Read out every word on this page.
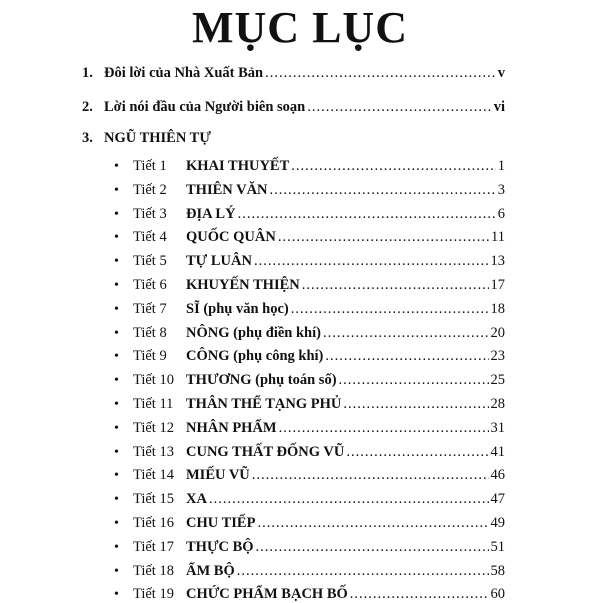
MỤC LỤC
1. Đôi lời của Nhà Xuất Bản .....	v
2. Lời nói đầu của Người biên soạn .....	vi
3. NGŨ THIÊN TỰ
• Tiết 1	KHAI THUYẾT .....	1
• Tiết 2	THIÊN VĂN .....	3
• Tiết 3	ĐỊA LÝ .....	6
• Tiết 4	QUỐC QUÂN .....	11
• Tiết 5	TỰ LUÂN .....	13
• Tiết 6	KHUYẾN THIỆN .....	17
• Tiết 7	SĨ (phụ văn học) .....	18
• Tiết 8	NÔNG (phụ điền khí) .....	20
• Tiết 9	CÔNG (phụ công khí) .....	23
• Tiết 10 THƯƠNG (phụ toán số) .....	25
• Tiết 11 THÂN THỂ TẠNG PHỦ .....	28
• Tiết 12 NHÂN PHẨM .....	31
• Tiết 13 CUNG THẤT ĐỐNG VŨ .....	41
• Tiết 14 MIẾU VŨ .....	46
• Tiết 15 XA .....	47
• Tiết 16 CHU TIẾP .....	49
• Tiết 17 THỰC BỘ .....	51
• Tiết 18 ẨM BỘ .....	58
• Tiết 19 CHỨC PHẨM BẠCH BỐ .....	60
